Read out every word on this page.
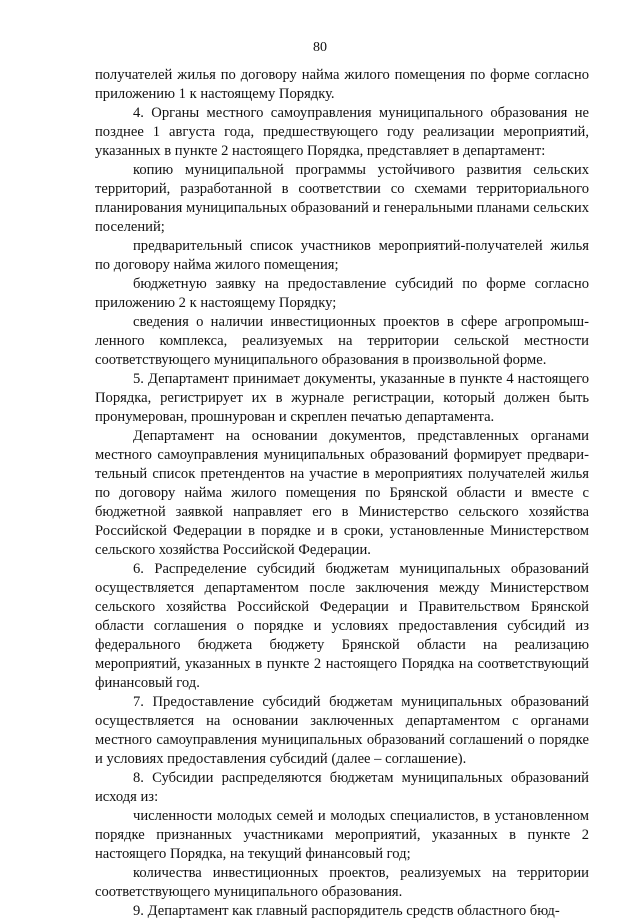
80

получателей жилья по договору найма жилого помещения по форме согласно приложению 1 к настоящему Порядку.

4. Органы местного самоуправления муниципального образования не позднее 1 августа года, предшествующего году реализации мероприятий, указанных в пункте 2 настоящего Порядка, представляет в департамент:

копию муниципальной программы устойчивого развития сельских территорий, разработанной в соответствии со схемами территориального планирования муниципальных образований и генеральными планами сельских поселений;

предварительный список участников мероприятий-получателей жилья по договору найма жилого помещения;

бюджетную заявку на предоставление субсидий по форме согласно приложению 2 к настоящему Порядку;

сведения о наличии инвестиционных проектов в сфере агропромышленного комплекса, реализуемых на территории сельской местности соответствующего муниципального образования в произвольной форме.

5. Департамент принимает документы, указанные в пункте 4 настоящего Порядка, регистрирует их в журнале регистрации, который должен быть пронумерован, прошнурован и скреплен печатью департамента.

Департамент на основании документов, представленных органами местного самоуправления муниципальных образований формирует предварительный список претендентов на участие в мероприятиях получателей жилья по договору найма жилого помещения по Брянской области и вместе с бюджетной заявкой направляет его в Министерство сельского хозяйства Российской Федерации в порядке и в сроки, установленные Министерством сельского хозяйства Российской Федерации.

6. Распределение субсидий бюджетам муниципальных образований осуществляется департаментом после заключения между Министерством сельского хозяйства Российской Федерации и Правительством Брянской области соглашения о порядке и условиях предоставления субсидий из федерального бюджета бюджету Брянской области на реализацию мероприятий, указанных в пункте 2 настоящего Порядка на соответствующий финансовый год.

7. Предоставление субсидий бюджетам муниципальных образований осуществляется на основании заключенных департаментом с органами местного самоуправления муниципальных образований соглашений о порядке и условиях предоставления субсидий (далее – соглашение).

8. Субсидии распределяются бюджетам муниципальных образований исходя из:

численности молодых семей и молодых специалистов, в установленном порядке признанных участниками мероприятий, указанных в пункте 2 настоящего Порядка, на текущий финансовый год;

количества инвестиционных проектов, реализуемых на территории соответствующего муниципального образования.

9. Департамент как главный распорядитель средств областного бюд-
